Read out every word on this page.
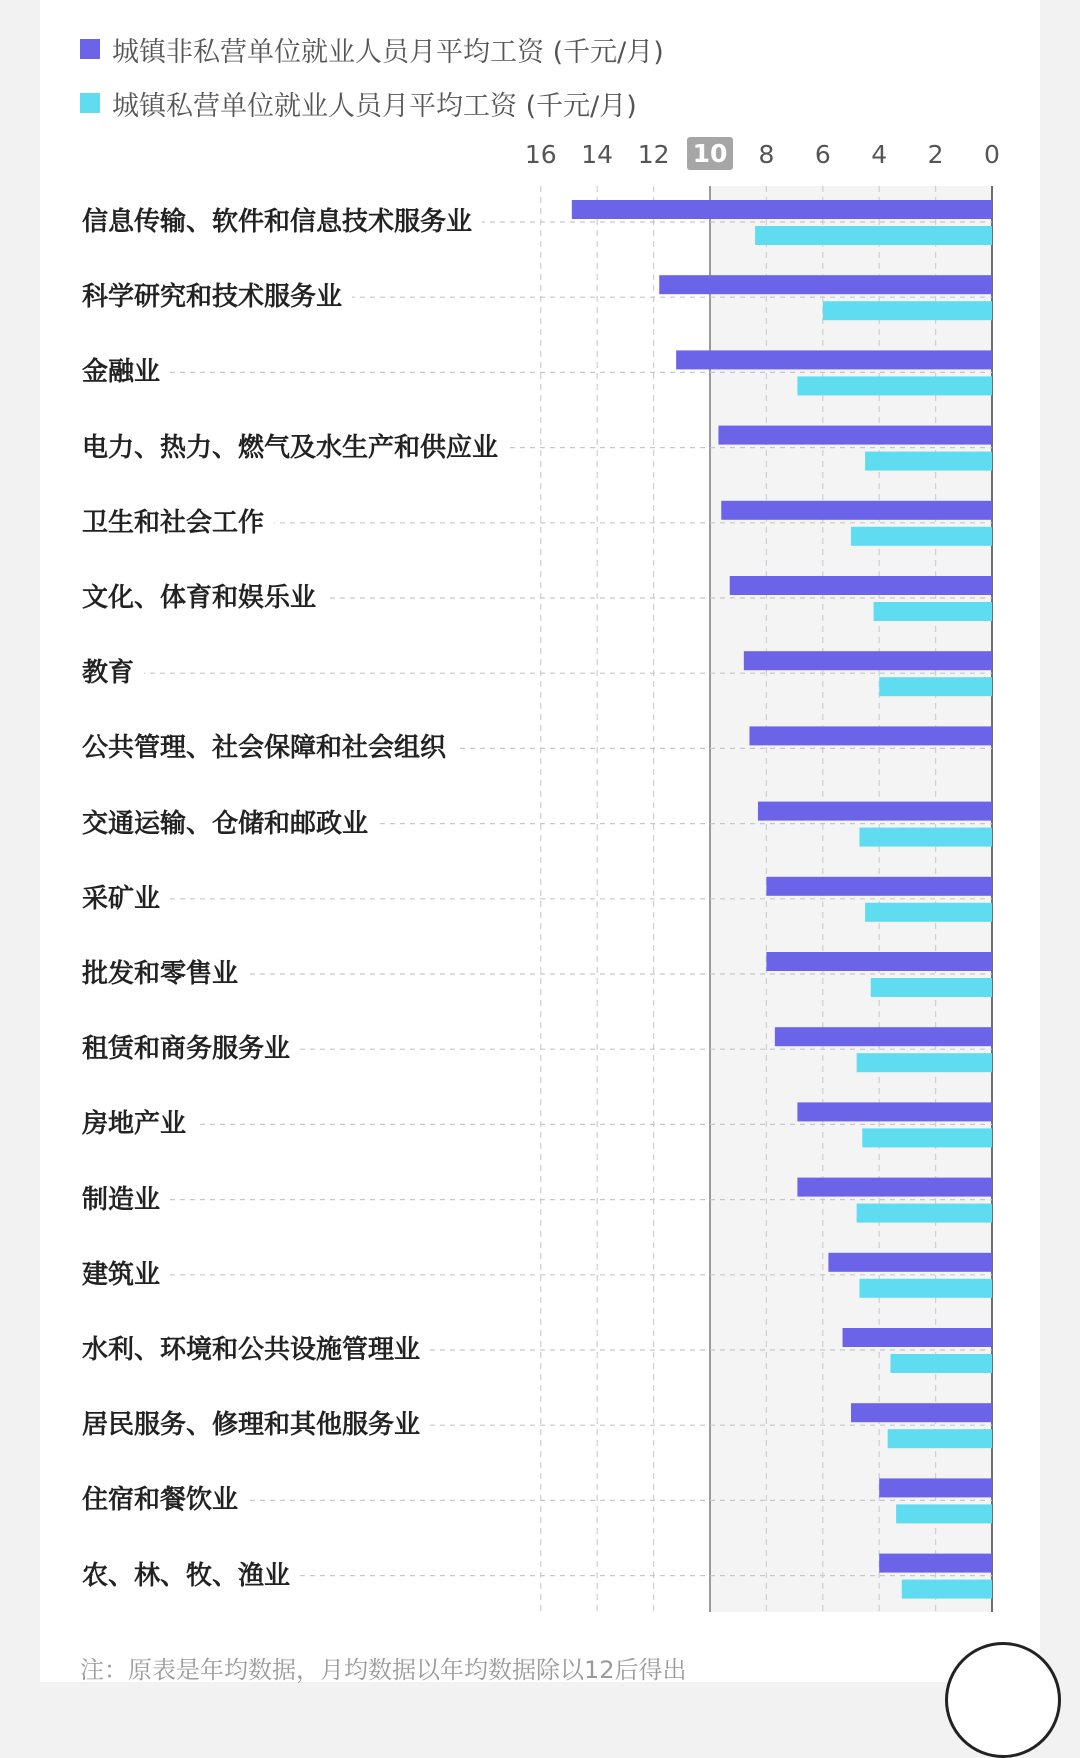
城镇非私营单位就业人员月平均工资 (千元/月)
城镇私营单位就业人员月平均工资 (千元/月)
16 14 12 10	8	6	4	2	0
信息传输、软件和信息技术服务业
科学研究和技术服务业
金融业
电力、热力、燃气及水生产和供应业
卫生和社会工作
文化、体育和娱乐业
教育
公共管理、社会保障和社会组织
交通运输、仓储和邮政业
采矿业
批发和零售业
租赁和商务服务业
房地产业
制造业
建筑业
水利、环境和公共设施管理业
居民服务、修理和其他服务业
住宿和餐饮业
农、林、牧、渔业
注：原表是年均数据，月均数据以年均数据除以12后得出
